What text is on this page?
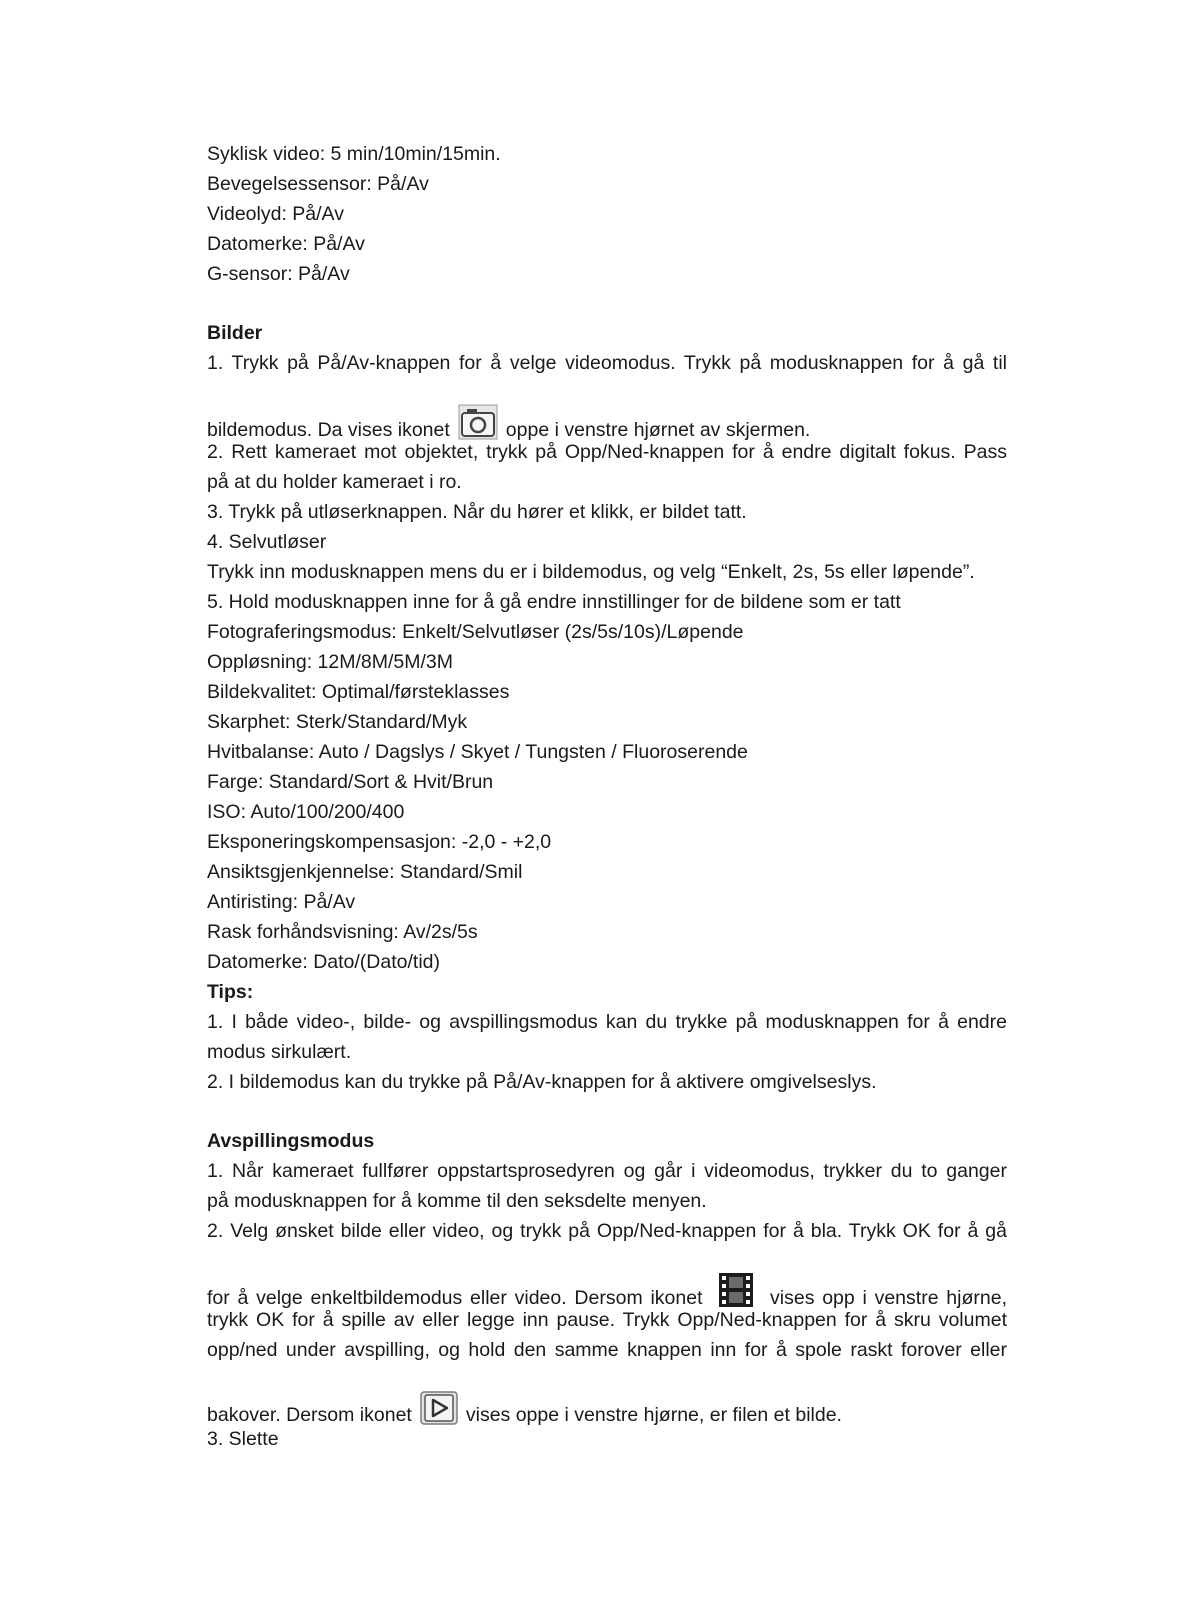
Syklisk video: 5 min/10min/15min.
Bevegelsessensor: På/Av
Videolyd: På/Av
Datomerke: På/Av
G-sensor: På/Av
Bilder
1. Trykk på På/Av-knappen for å velge videomodus. Trykk på modusknappen for å gå til
bildemodus. Da vises ikonet	oppe i venstre hjørnet av skjermen.
2. Rett kameraet mot objektet, trykk på Opp/Ned-knappen for å endre digitalt fokus. Pass
på at du holder kameraet i ro.
3. Trykk på utløserknappen. Når du hører et klikk, er bildet tatt.
4. Selvutløser
Trykk inn modusknappen mens du er i bildemodus, og velg “Enkelt, 2s, 5s eller løpende”.
5. Hold modusknappen inne for å gå endre innstillinger for de bildene som er tatt
Fotograferingsmodus: Enkelt/Selvutløser (2s/5s/10s)/Løpende
Oppløsning: 12M/8M/5M/3M
Bildekvalitet: Optimal/førsteklasses
Skarphet: Sterk/Standard/Myk
Hvitbalanse: Auto / Dagslys / Skyet / Tungsten / Fluoroserende
Farge: Standard/Sort & Hvit/Brun
ISO: Auto/100/200/400
Eksponeringskompensasjon: -2,0 - +2,0
Ansiktsgjenkjennelse: Standard/Smil
Antiristing: På/Av
Rask forhåndsvisning: Av/2s/5s
Datomerke: Dato/(Dato/tid)
Tips:
1. I både video-, bilde- og avspillingsmodus kan du trykke på modusknappen for å endre
modus sirkulært.
2. I bildemodus kan du trykke på På/Av-knappen for å aktivere omgivelseslys.
Avspillingsmodus
1. Når kameraet fullfører oppstartsprosedyren og går i videomodus, trykker du to ganger
på modusknappen for å komme til den seksdelte menyen.
2. Velg ønsket bilde eller video, og trykk på Opp/Ned-knappen for å bla. Trykk OK for å gå
for å velge enkeltbildemodus eller video. Dersom ikonet	vises opp i venstre hjørne,
trykk OK for å spille av eller legge inn pause. Trykk Opp/Ned-knappen for å skru volumet
opp/ned under avspilling, og hold den samme knappen inn for å spole raskt forover eller
bakover. Dersom ikonet	vises oppe i venstre hjørne, er filen et bilde.
3. Slette
